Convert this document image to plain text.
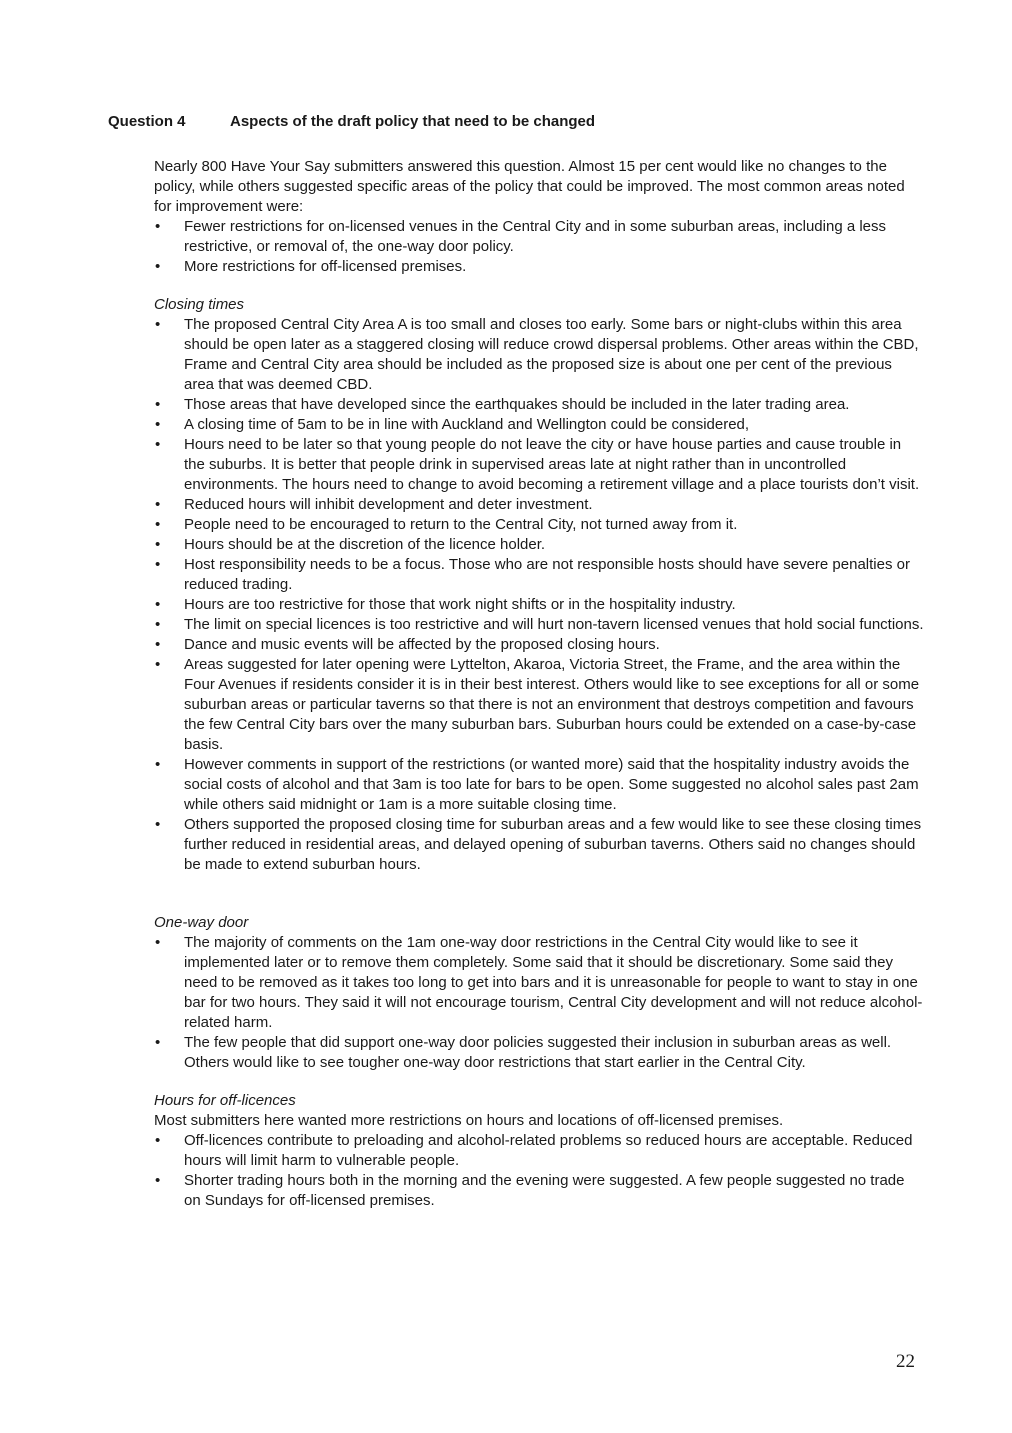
Question 4	Aspects of the draft policy that need to be changed

Nearly 800 Have Your Say submitters answered this question. Almost 15 per cent would like no changes to the policy, while others suggested specific areas of the policy that could be improved. The most common areas noted for improvement were:

• Fewer restrictions for on-licensed venues in the Central City and in some suburban areas, including a less restrictive, or removal of, the one-way door policy.
• More restrictions for off-licensed premises.

Closing times

• The proposed Central City Area A is too small and closes too early. Some bars or night-clubs within this area should be open later as a staggered closing will reduce crowd dispersal problems. Other areas within the CBD, Frame and Central City area should be included as the proposed size is about one per cent of the previous area that was deemed CBD.
• Those areas that have developed since the earthquakes should be included in the later trading area.
• A closing time of 5am to be in line with Auckland and Wellington could be considered,
• Hours need to be later so that young people do not leave the city or have house parties and cause trouble in the suburbs. It is better that people drink in supervised areas late at night rather than in uncontrolled environments. The hours need to change to avoid becoming a retirement village and a place tourists don’t visit.
• Reduced hours will inhibit development and deter investment.
• People need to be encouraged to return to the Central City, not turned away from it.
• Hours should be at the discretion of the licence holder.
• Host responsibility needs to be a focus. Those who are not responsible hosts should have severe penalties or reduced trading.
• Hours are too restrictive for those that work night shifts or in the hospitality industry.
• The limit on special licences is too restrictive and will hurt non-tavern licensed venues that hold social functions.
• Dance and music events will be affected by the proposed closing hours.
• Areas suggested for later opening were Lyttelton, Akaroa, Victoria Street, the Frame, and the area within the Four Avenues if residents consider it is in their best interest. Others would like to see exceptions for all or some suburban areas or particular taverns so that there is not an environment that destroys competition and favours the few Central City bars over the many suburban bars. Suburban hours could be extended on a case-by-case basis.
• However comments in support of the restrictions (or wanted more) said that the hospitality industry avoids the social costs of alcohol and that 3am is too late for bars to be open. Some suggested no alcohol sales past 2am while others said midnight or 1am is a more suitable closing time.
• Others supported the proposed closing time for suburban areas and a few would like to see these closing times further reduced in residential areas, and delayed opening of suburban taverns. Others said no changes should be made to extend suburban hours.

One-way door

• The majority of comments on the 1am one-way door restrictions in the Central City would like to see it implemented later or to remove them completely. Some said that it should be discretionary. Some said they need to be removed as it takes too long to get into bars and it is unreasonable for people to want to stay in one bar for two hours. They said it will not encourage tourism, Central City development and will not reduce alcohol-related harm.
• The few people that did support one-way door policies suggested their inclusion in suburban areas as well. Others would like to see tougher one-way door restrictions that start earlier in the Central City.

Hours for off-licences

Most submitters here wanted more restrictions on hours and locations of off-licensed premises.

• Off-licences contribute to preloading and alcohol-related problems so reduced hours are acceptable. Reduced hours will limit harm to vulnerable people.
• Shorter trading hours both in the morning and the evening were suggested. A few people suggested no trade on Sundays for off-licensed premises.
22
